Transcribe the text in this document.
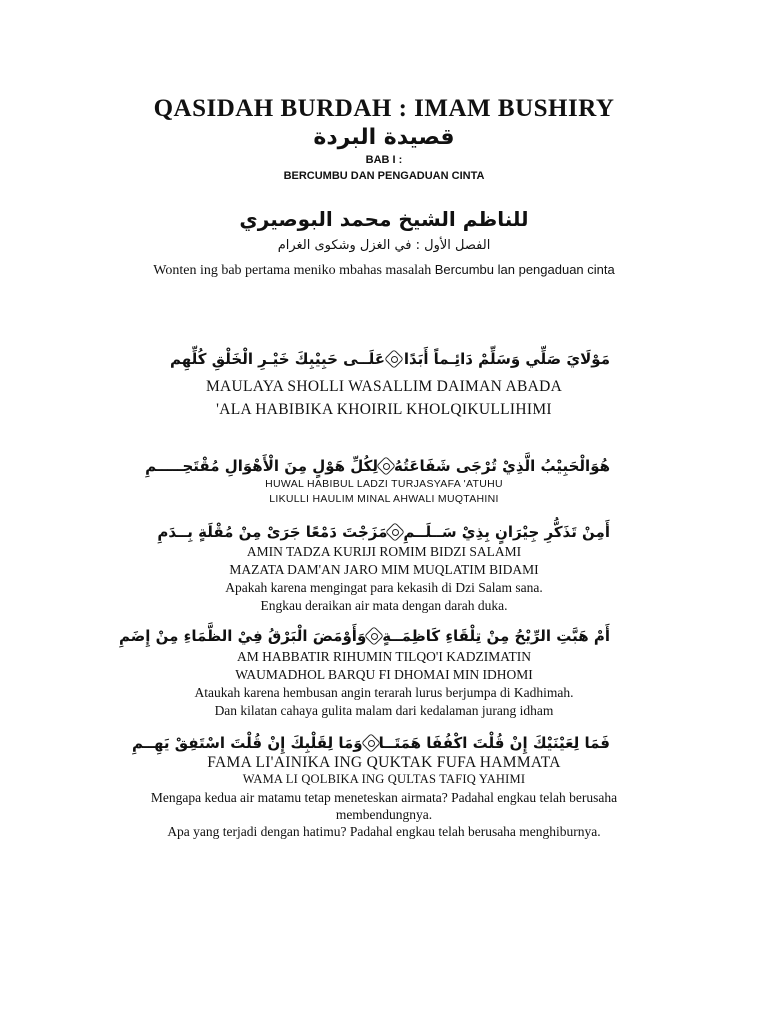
QASIDAH BURDAH : IMAM BUSHIRY
قصيدة البردة
BAB I :
BERCUMBU DAN PENGADUAN CINTA
للناظم الشيخ محمد البوصيري
الفصل الأول : في الغزل وشكوى الغرام
Wonten ing bab pertama meniko mbahas masalah Bercumbu lan pengaduan cinta
مَوْلَايَ صَلِّي وَسَلِّمْ دَائِـماً أَبَدًا
عَلَــى حَبِيْبِكَ خَيْـرِ الْخَلْقِ كُلِّهِم
MAULAYA SHOLLI WASALLIM DAIMAN ABADA
'ALA HABIBIKA KHOIRIL KHOLQIKULLIHIMI
هُوَالْحَبِيْبُ الَّذِيْ تُرْجَى شَفَاعَتُهُ
لِكُلِّ هَوْلٍ مِنَ الْأَهْوَالِ مُقْتَحِـــــمِ
HUWAL HABIBUL LADZI TURJASYAFA 'ATUHU
LIKULLI HAULIM MINAL AHWALI MUQTAHINI
أَمِنْ تَذَكُّرِ جِيْرَانٍ بِذِيْ سَــلَــمِ
مَزَجْتَ دَمْعًا جَرَىْ مِنْ مُقْلَةٍ بِــدَمِ
AMIN TADZA KURIJI ROMIM BIDZI SALAMI
MAZATA DAM'AN JARO MIM MUQLATIM BIDAMI
Apakah karena mengingat para kekasih di Dzi Salam sana.
Engkau deraikan air mata dengan darah duka.
أَمْ هَبَّتِ الرِّيْحُ مِنْ تِلْقَاءِ كَاظِمَــةٍ
وَأَوْمَضَ الْبَرْقُ فِيْ الظَّمَاءِ مِنْ إِضَمِ
AM HABBATIR RIHUMIN TILQO'I KADZIMATIN
WAUMADHOL BARQU FI DHOMAI MIN IDHOMI
Ataukah karena hembusan angin terarah lurus berjumpa di Kadhimah.
Dan kilatan cahaya gulita malam dari kedalaman jurang idham
فَمَا لِعَيْنَيْكَ إِنْ قُلْتَ اكْفُفَا هَمَتَــا
وَمَا لِقَلْبِكَ إِنْ قُلْتَ اسْتَفِقْ يَهِــمِ
FAMA LI'AINIKA ING QUKTAK FUFA HAMMATA
WAMA LI QOLBIKA ING QULTAS TAFIQ YAHIMI
Mengapa kedua air matamu tetap meneteskan airmata? Padahal engkau telah berusaha
membendungnya.
Apa yang terjadi dengan hatimu? Padahal engkau telah berusaha menghiburnya.
